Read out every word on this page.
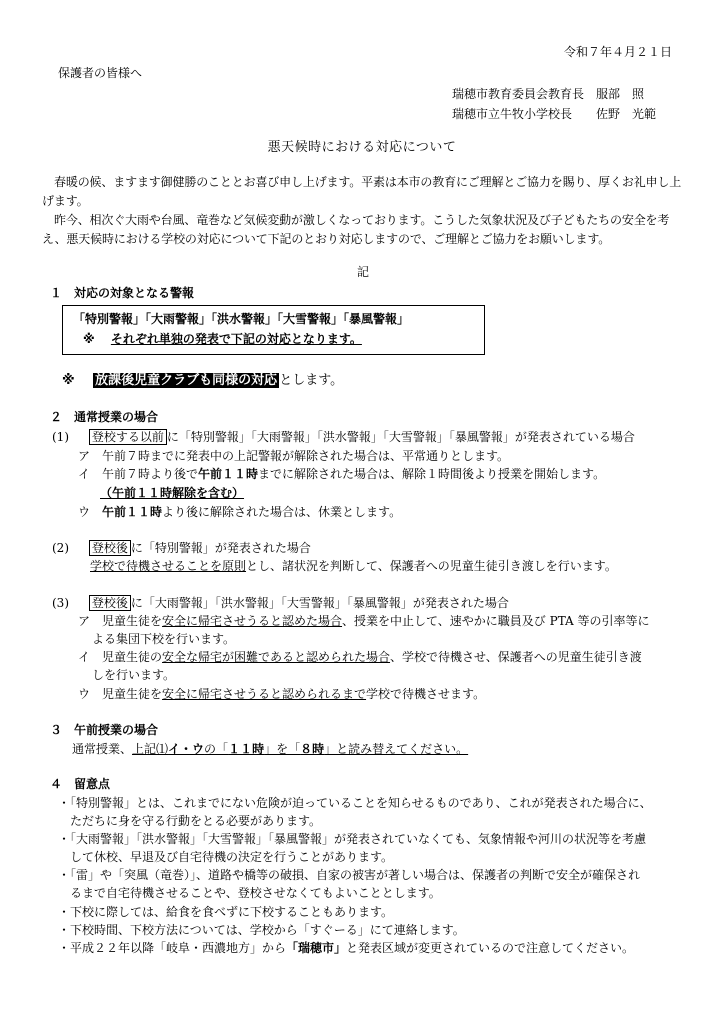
令和７年４月２１日
保護者の皆様へ
瑞穂市教育委員会教育長　服部　照
瑞穂市立牛牧小学校長　　佐野　光範
悪天候時における対応について
春暖の候、ますます御健勝のこととお喜び申し上げます。平素は本市の教育にご理解とご協力を賜り、厚くお礼申し上げます。
昨今、相次ぐ大雨や台風、竜巻など気候変動が激しくなっております。こうした気象状況及び子どもたちの安全を考え、悪天候時における学校の対応について下記のとおり対応しますので、ご理解とご協力をお願いします。
記
１　対応の対象となる警報
「特別警報」「大雨警報」「洪水警報」「大雪警報」「暴風警報」
※ それぞれ単独の発表で下記の対応となります。
※ 放課後児童クラブも同様の対応 とします。
２　通常授業の場合
(1) 登校する以前 に「特別警報」「大雨警報」「洪水警報」「大雪警報」「暴風警報」が発表されている場合
ア 午前７時までに発表中の上記警報が解除された場合は、平常通りとします。
イ 午前７時より後で午前１１時までに解除された場合は、解除１時間後より授業を開始します。
（午前１１時解除を含む）
ウ 午前１１時より後に解除された場合は、休業とします。
(2) 登校後 に「特別警報」が発表された場合
学校で待機させることを原則とし、諸状況を判断して、保護者への児童生徒引き渡しを行います。
(3) 登校後 に「大雨警報」「洪水警報」「大雪警報」「暴風警報」が発表された場合
ア 児童生徒を安全に帰宅させうると認めた場合、授業を中止して、速やかに職員及び PTA 等の引率等に
よる集団下校を行います。
イ 児童生徒の安全な帰宅が困難であると認められた場合、学校で待機させ、保護者への児童生徒引き渡
しを行います。
ウ 児童生徒を安全に帰宅させうると認められるまで学校で待機させます。
３　午前授業の場合
通常授業、上記⑴イ・ウの「１１時」を「８時」と読み替えてください。
４　留意点
・「特別警報」とは、これまでにない危険が迫っていることを知らせるものであり、これが発表された場合に、
ただちに身を守る行動をとる必要があります。
・「大雨警報」「洪水警報」「大雪警報」「暴風警報」が発表されていなくても、気象情報や河川の状況等を考慮
して休校、早退及び自宅待機の決定を行うことがあります。
・「雷」や「突風（竜巻）」、道路や橋等の破損、自家の被害が著しい場合は、保護者の判断で安全が確保され
るまで自宅待機させることや、登校させなくてもよいこととします。
・下校に際しては、給食を食べずに下校することもあります。
・下校時間、下校方法については、学校から「すぐーる」にて連絡します。
・平成２２年以降「岐阜・西濃地方」から「瑞穂市」と発表区域が変更されているので注意してください。
